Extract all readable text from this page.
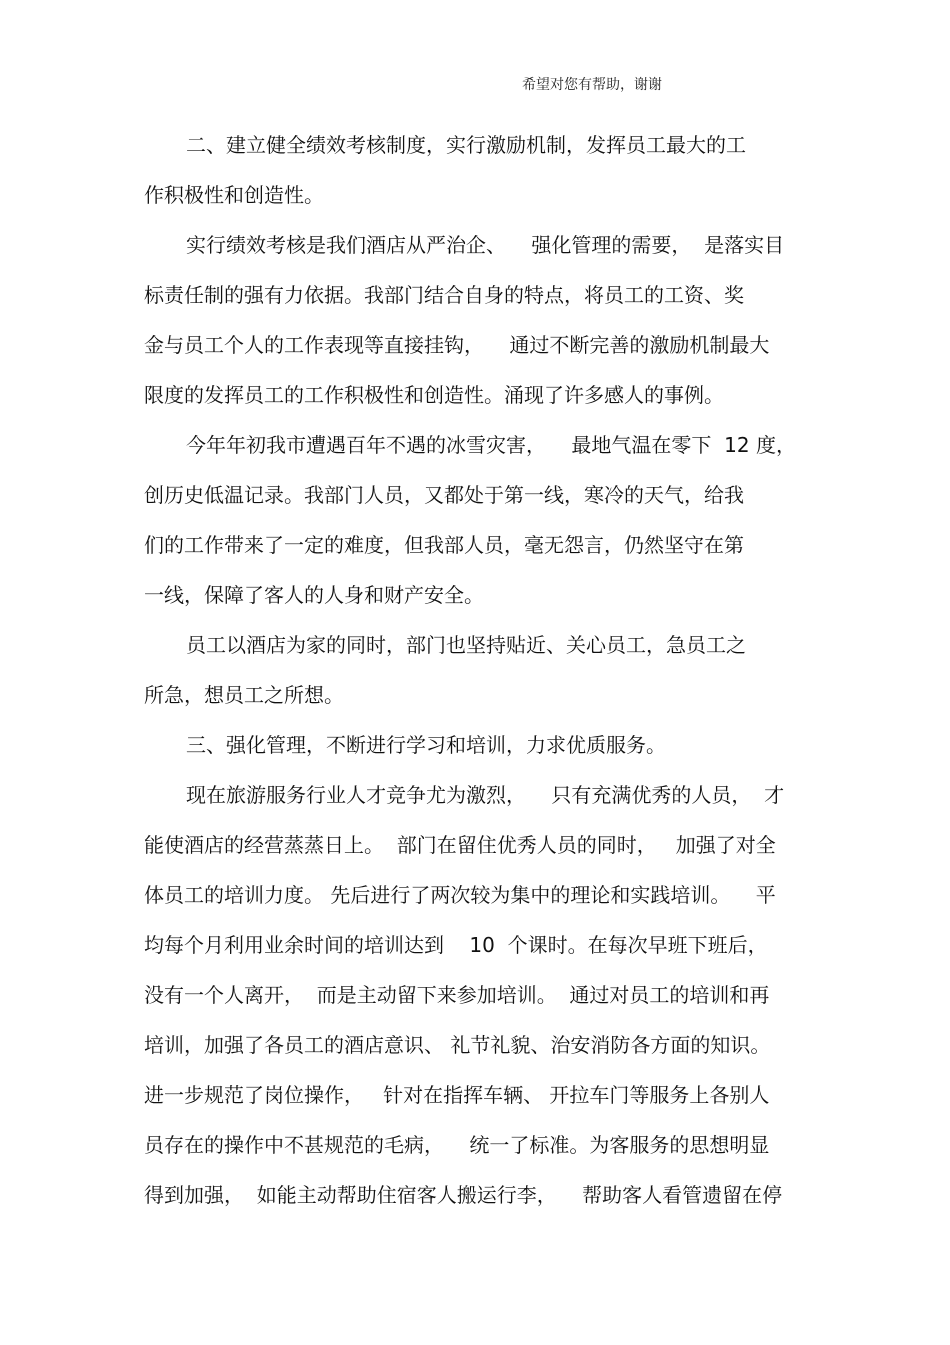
希望对您有帮助，谢谢
二、建立健全绩效考核制度，实行激励机制，发挥员工最大的工
作积极性和创造性。
实行绩效考核是我们酒店从严治企、    强化管理的需要，  是落实目
标责任制的强有力依据。我部门结合自身的特点，将员工的工资、奖
金与员工个人的工作表现等直接挂钩，    通过不断完善的激励机制最大
限度的发挥员工的工作积极性和创造性。涌现了许多感人的事例。
今年年初我市遭遇百年不遇的冰雪灾害，    最地气温在零下  12 度，
创历史低温记录。我部门人员，又都处于第一线，寒冷的天气，给我
们的工作带来了一定的难度，但我部人员，毫无怨言，仍然坚守在第
一线，保障了客人的人身和财产安全。
员工以酒店为家的同时，部门也坚持贴近、关心员工，急员工之
所急，想员工之所想。
三、强化管理，不断进行学习和培训，力求优质服务。
现在旅游服务行业人才竞争尤为激烈，    只有充满优秀的人员，  才
能使酒店的经营蒸蒸日上。  部门在留住优秀人员的同时，   加强了对全
体员工的培训力度。 先后进行了两次较为集中的理论和实践培训。    平
均每个月利用业余时间的培训达到    10  个课时。在每次早班下班后，
没有一个人离开，  而是主动留下来参加培训。  通过对员工的培训和再
培训，加强了各员工的酒店意识、 礼节礼貌、治安消防各方面的知识。
进一步规范了岗位操作，   针对在指挥车辆、 开拉车门等服务上各别人
员存在的操作中不甚规范的毛病，    统一了标准。为客服务的思想明显
得到加强，  如能主动帮助住宿客人搬运行李，    帮助客人看管遗留在停
